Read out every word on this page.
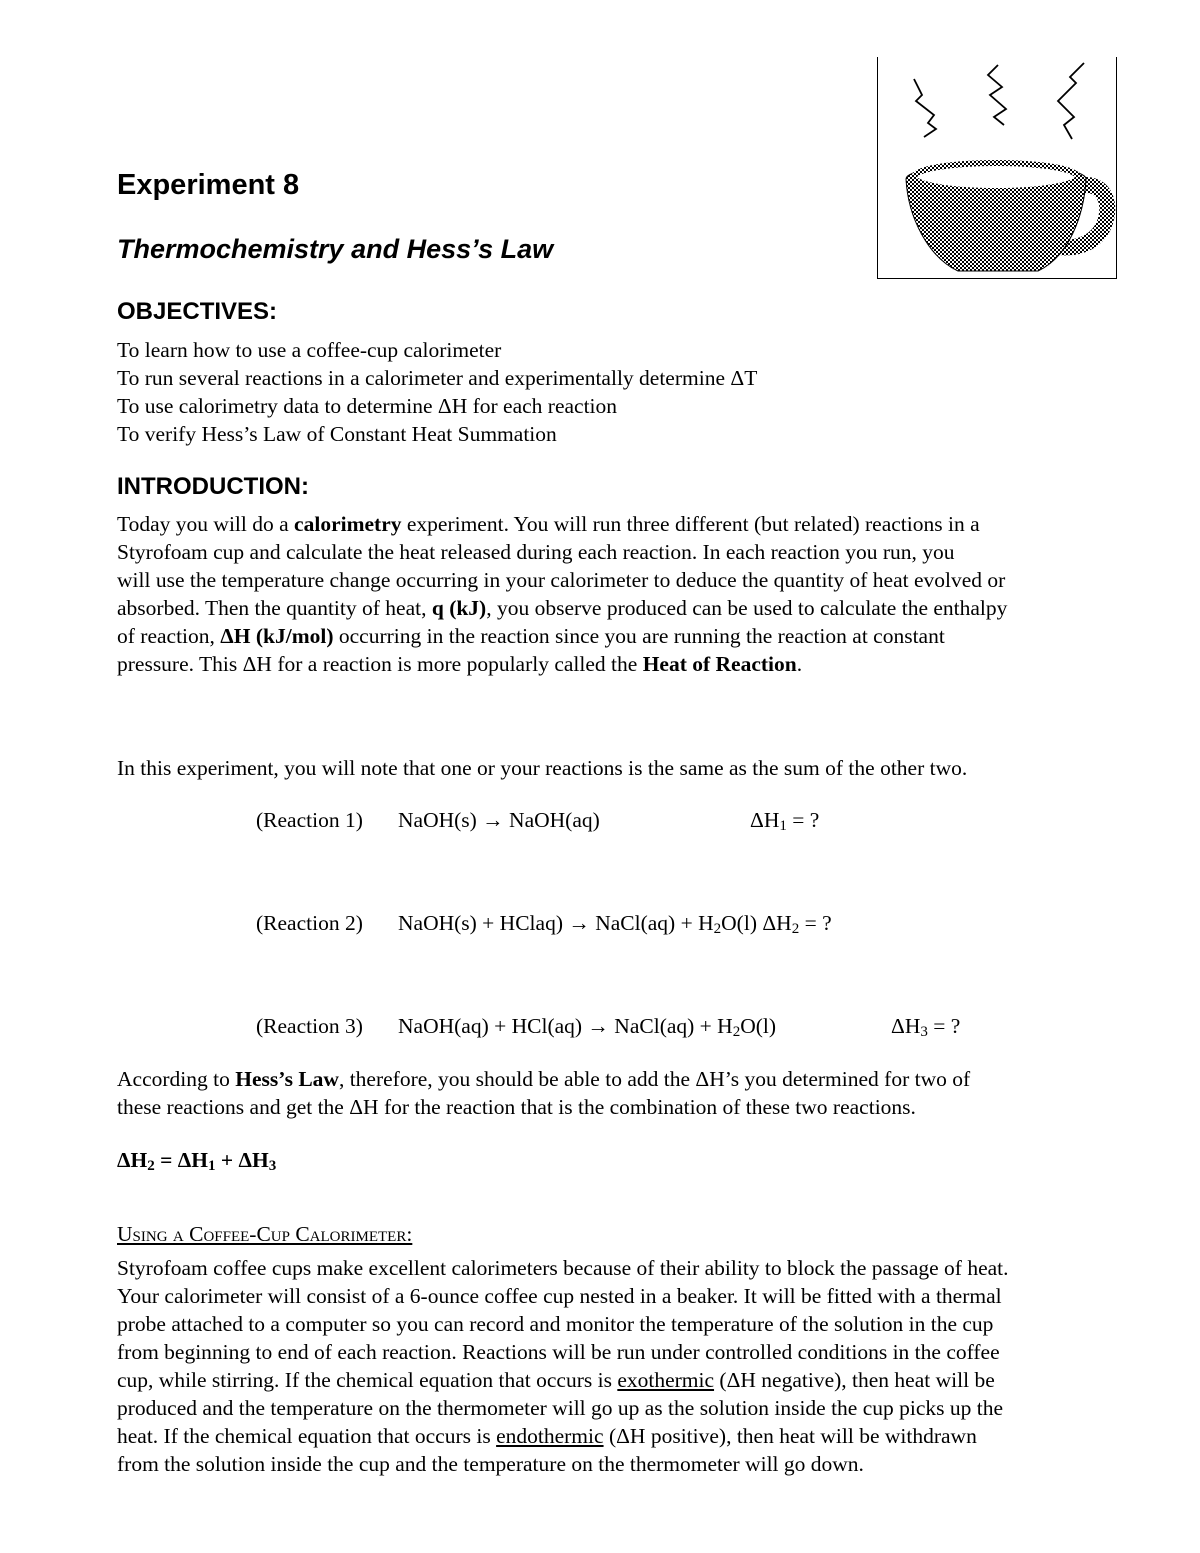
Experiment 8
Thermochemistry and Hess’s Law
OBJECTIVES:
To learn how to use a coffee-cup calorimeter
To run several reactions in a calorimeter and experimentally determine ΔT
To use calorimetry data to determine ΔH for each reaction
To verify Hess’s Law of Constant Heat Summation
INTRODUCTION:
Today you will do a calorimetry experiment. You will run three different (but related) reactions in a
Styrofoam cup and calculate the heat released during each reaction. In each reaction you run, you
will use the temperature change occurring in your calorimeter to deduce the quantity of heat evolved or
absorbed. Then the quantity of heat, q (kJ), you observe produced can be used to calculate the enthalpy
of reaction, ΔH (kJ/mol) occurring in the reaction since you are running the reaction at constant
pressure. This ΔH for a reaction is more popularly called the Heat of Reaction.
In this experiment, you will note that one or your reactions is the same as the sum of the other two.
(Reaction 1) NaOH(s) → NaOH(aq)	$\Delta H_1$ = ?
(Reaction 2) NaOH(s) + HClaq) → NaCl(aq) + $H_2O(l) \Delta H_2$ = ?
(Reaction 3) NaOH(aq) + HCl(aq) → NaCl(aq) + $H_2O(l)$	$\Delta H_3$ = ?
According to Hess’s Law, therefore, you should be able to add the ΔH’s you determined for two of
these reactions and get the ΔH for the reaction that is the combination of these two reactions.
$\Delta H_2 = \Delta H_1 + \Delta H_3$
Using a Coffee-Cup Calorimeter:
Styrofoam coffee cups make excellent calorimeters because of their ability to block the passage of heat.
Your calorimeter will consist of a 6-ounce coffee cup nested in a beaker. It will be fitted with a thermal
probe attached to a computer so you can record and monitor the temperature of the solution in the cup
from beginning to end of each reaction. Reactions will be run under controlled conditions in the coffee
cup, while stirring. If the chemical equation that occurs is exothermic (ΔH negative), then heat will be
produced and the temperature on the thermometer will go up as the solution inside the cup picks up the
heat. If the chemical equation that occurs is endothermic (ΔH positive), then heat will be withdrawn
from the solution inside the cup and the temperature on the thermometer will go down.
